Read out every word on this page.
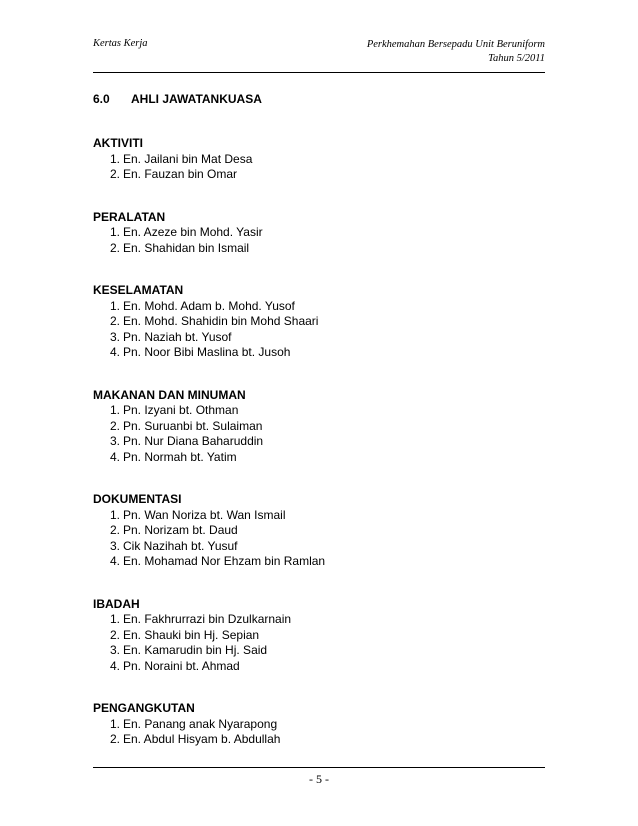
Kertas Kerja	Perkhemahan Bersepadu Unit Beruniform
Tahun 5/2011
6.0 AHLI JAWATANKUASA
AKTIVITI
1. En. Jailani bin Mat Desa
2. En. Fauzan bin Omar
PERALATAN
1. En. Azeze bin Mohd. Yasir
2. En. Shahidan bin Ismail
KESELAMATAN
1. En. Mohd. Adam b. Mohd. Yusof
2. En. Mohd. Shahidin bin Mohd Shaari
3. Pn. Naziah bt. Yusof
4. Pn. Noor Bibi Maslina bt. Jusoh
MAKANAN DAN MINUMAN
1. Pn. Izyani bt. Othman
2. Pn. Suruanbi bt. Sulaiman
3. Pn. Nur Diana Baharuddin
4. Pn. Normah bt. Yatim
DOKUMENTASI
1. Pn. Wan Noriza bt. Wan Ismail
2. Pn. Norizam bt. Daud
3. Cik Nazihah bt. Yusuf
4. En. Mohamad Nor Ehzam bin Ramlan
IBADAH
1. En. Fakhrurrazi bin Dzulkarnain
2. En. Shauki bin Hj. Sepian
3. En. Kamarudin bin Hj. Said
4. Pn. Noraini bt. Ahmad
PENGANGKUTAN
1. En. Panang anak Nyarapong
2. En. Abdul Hisyam b. Abdullah
- 5 -
